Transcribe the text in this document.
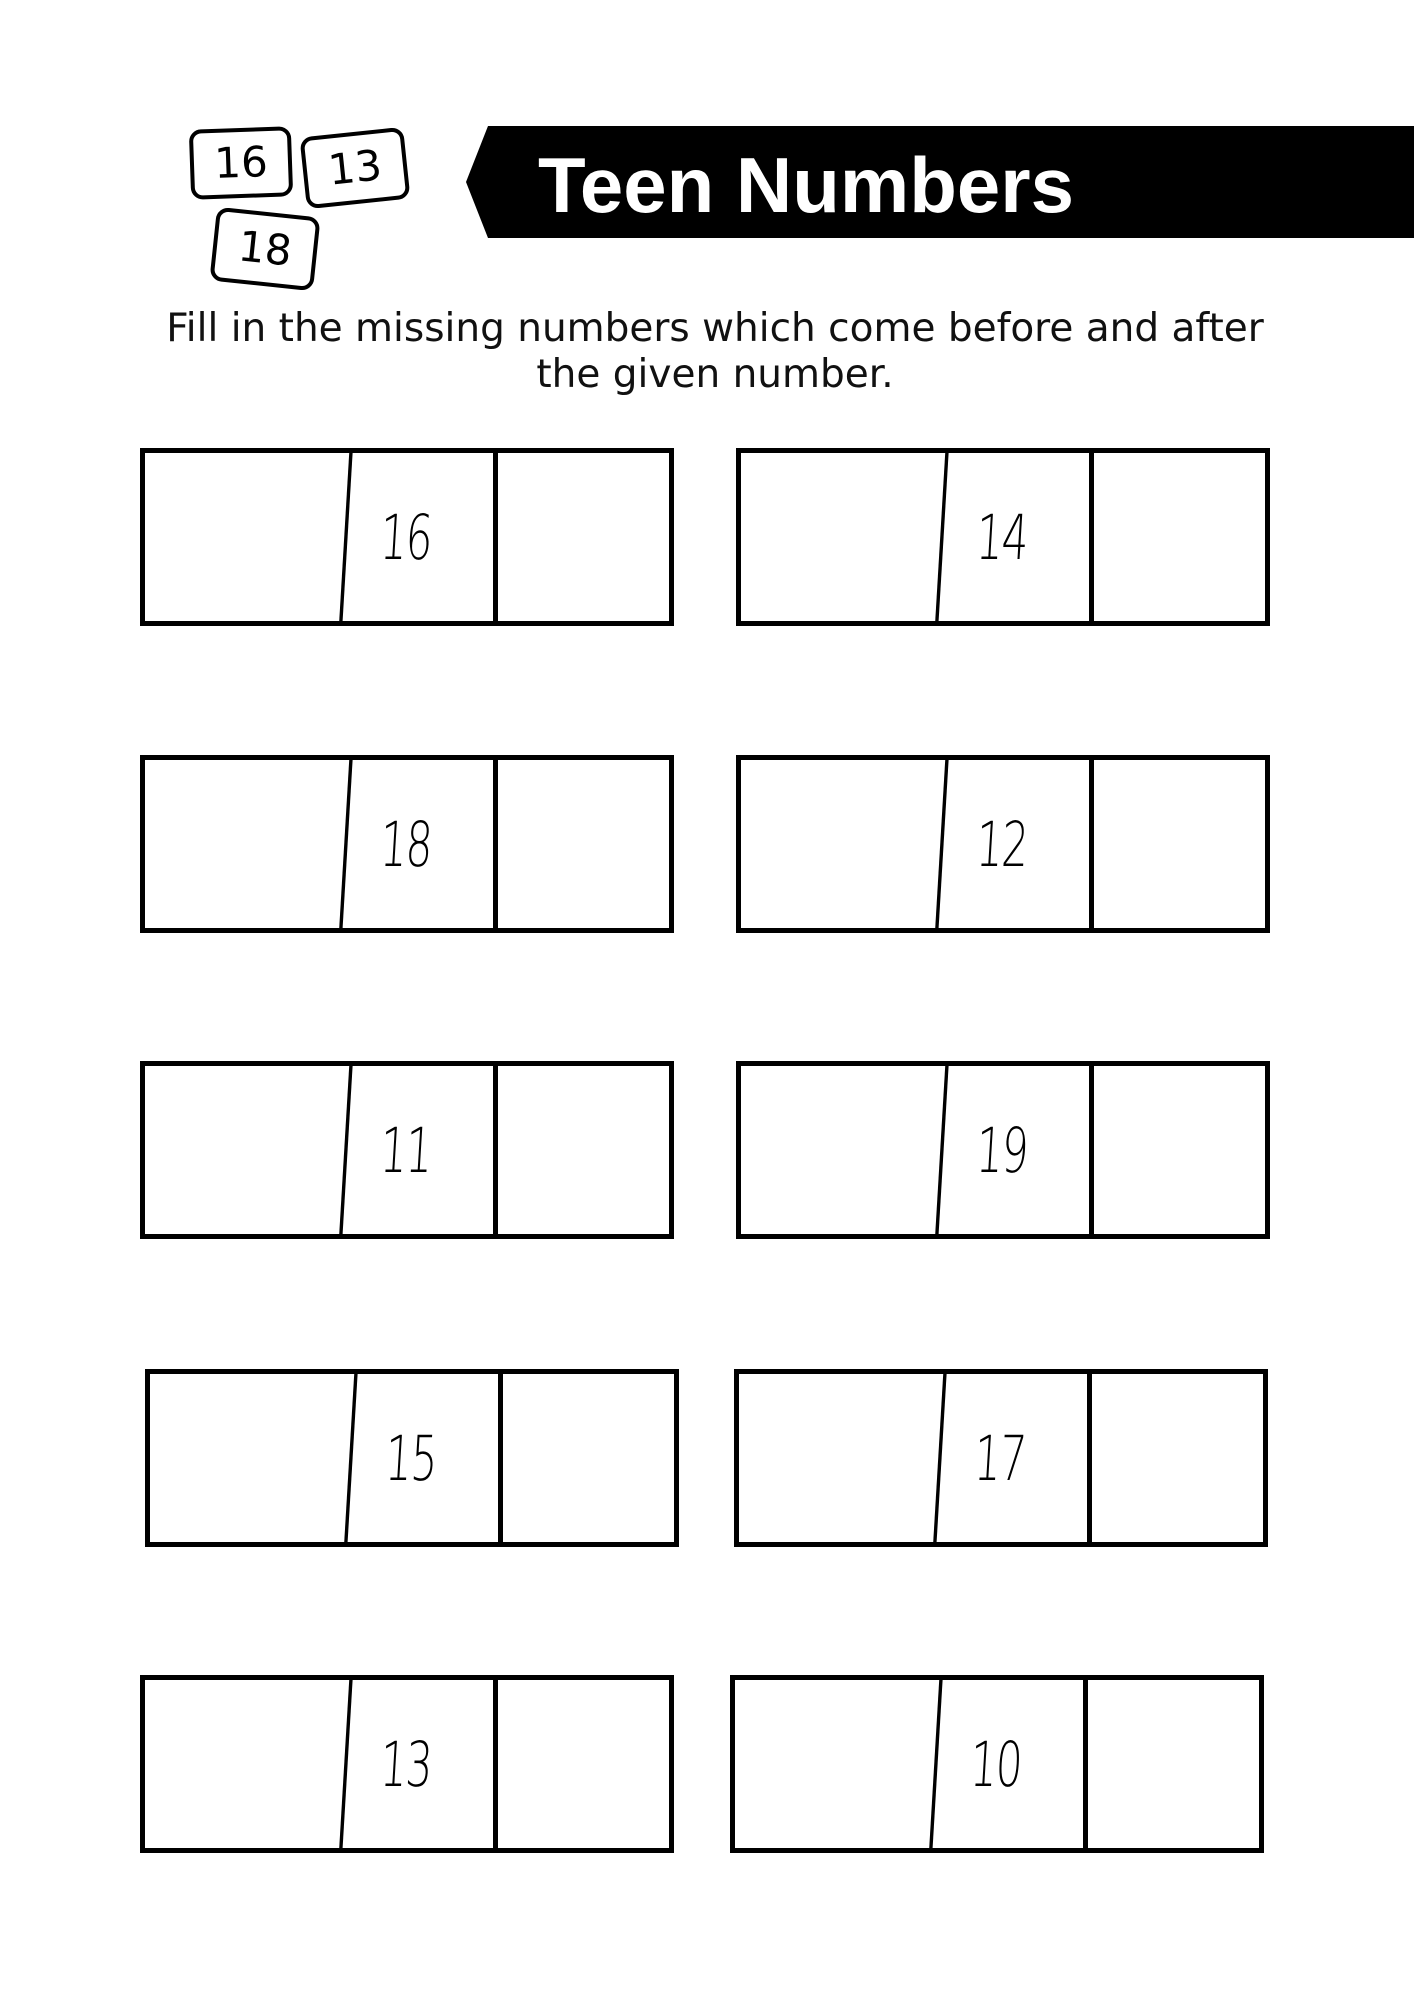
16	13
18
Teen Numbers
Fill in the missing numbers which come before and after
the given number.
16	14
18	12
11	19
15	17
13	10
